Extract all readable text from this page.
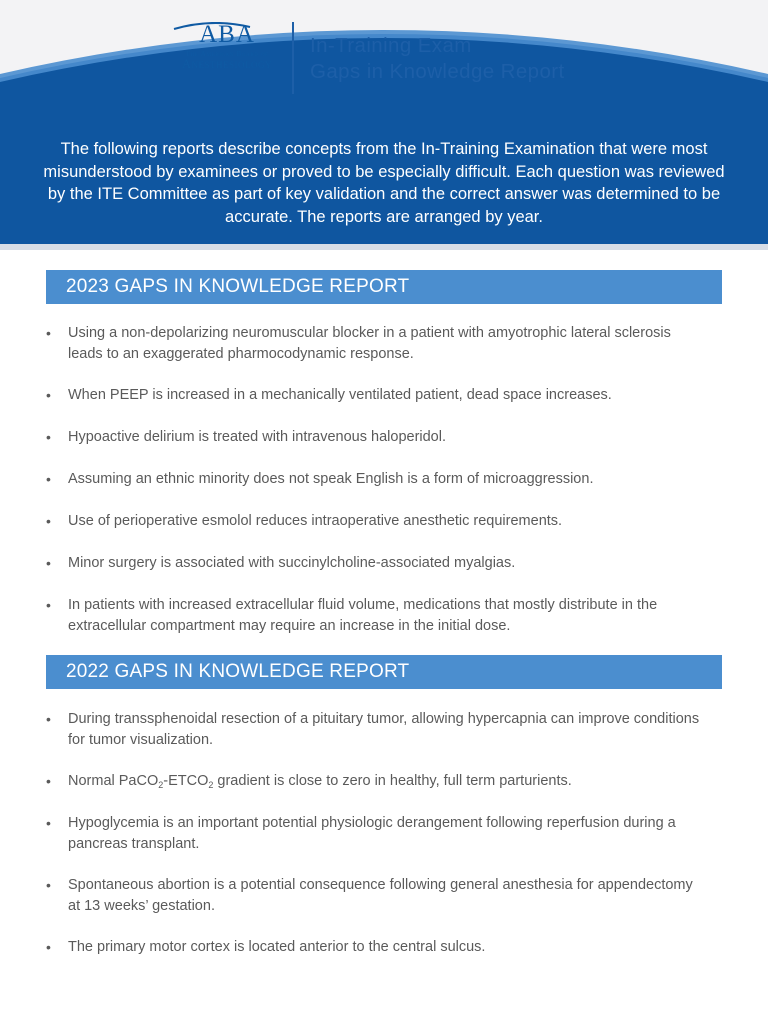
ABA
The American Board of
Anesthesiology
In-Training Exam
Gaps in Knowledge Report
The following reports describe concepts from the In-Training Examination that were most misunderstood by examinees or proved to be especially difficult. Each question was reviewed by the ITE Committee as part of key validation and the correct answer was determined to be accurate. The reports are arranged by year.
2023 GAPS IN KNOWLEDGE REPORT
• Using a non-depolarizing neuromuscular blocker in a patient with amyotrophic lateral sclerosis leads to an exaggerated pharmocodynamic response.
• When PEEP is increased in a mechanically ventilated patient, dead space increases.
• Hypoactive delirium is treated with intravenous haloperidol.
• Assuming an ethnic minority does not speak English is a form of microaggression.
• Use of perioperative esmolol reduces intraoperative anesthetic requirements.
• Minor surgery is associated with succinylcholine-associated myalgias.
• In patients with increased extracellular fluid volume, medications that mostly distribute in the extracellular compartment may require an increase in the initial dose.
2022 GAPS IN KNOWLEDGE REPORT
• During transsphenoidal resection of a pituitary tumor, allowing hypercapnia can improve conditions for tumor visualization.
• Normal $PaCO_2-ETCO_2$ gradient is close to zero in healthy, full term parturients.
• Hypoglycemia is an important potential physiologic derangement following reperfusion during a pancreas transplant.
• Spontaneous abortion is a potential consequence following general anesthesia for appendectomy at 13 weeks’ gestation.
• The primary motor cortex is located anterior to the central sulcus.
